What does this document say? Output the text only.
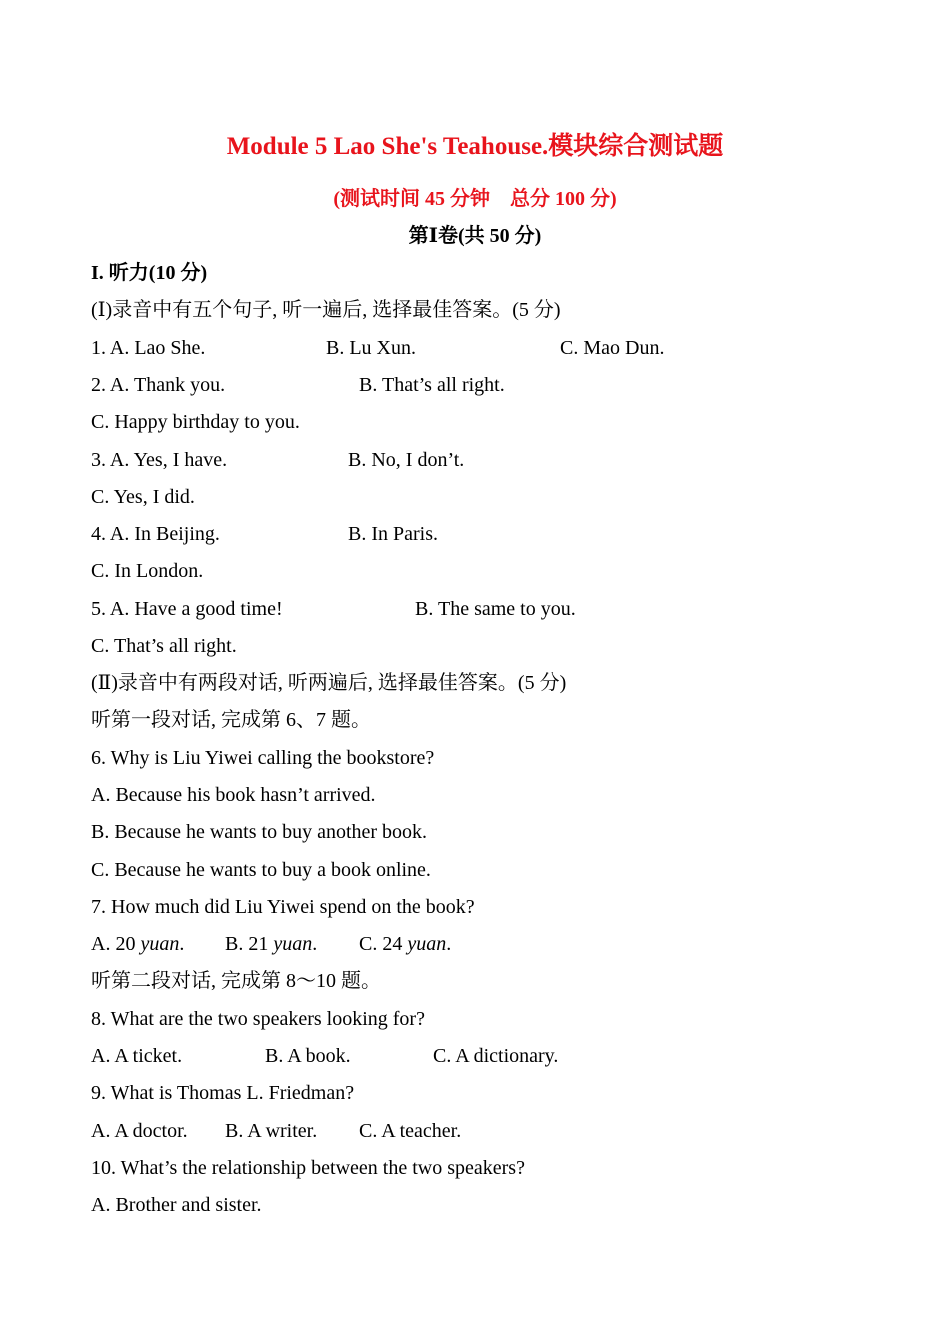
Module 5 Lao She's Teahouse.模块综合测试题
(测试时间 45 分钟　总分 100 分)
第Ⅰ卷(共 50 分)
I. 听力(10 分)
(Ⅰ)录音中有五个句子, 听一遍后, 选择最佳答案。(5 分)
1. A. Lao She.	B. Lu Xun.	C. Mao Dun.
2. A. Thank you.	B. That’s all right.
C. Happy birthday to you.
3. A. Yes, I have.	B. No, I don’t.
C. Yes, I did.
4. A. In Beijing.	B. In Paris.
C. In London.
5. A. Have a good time!	B. The same to you.
C. That’s all right.
(Ⅱ)录音中有两段对话, 听两遍后, 选择最佳答案。(5 分)
听第一段对话, 完成第 6、7 题。
6. Why is Liu Yiwei calling the bookstore?
A. Because his book hasn’t arrived.
B. Because he wants to buy another book.
C. Because he wants to buy a book online.
7. How much did Liu Yiwei spend on the book?
A. 20 yuan. B. 21 yuan. C. 24 yuan.
听第二段对话, 完成第 8～10 题。
8. What are the two speakers looking for?
A. A ticket.	B. A book.	C. A dictionary.
9. What is Thomas L. Friedman?
A. A doctor. B. A writer. C. A teacher.
10. What’s the relationship between the two speakers?
A. Brother and sister.
